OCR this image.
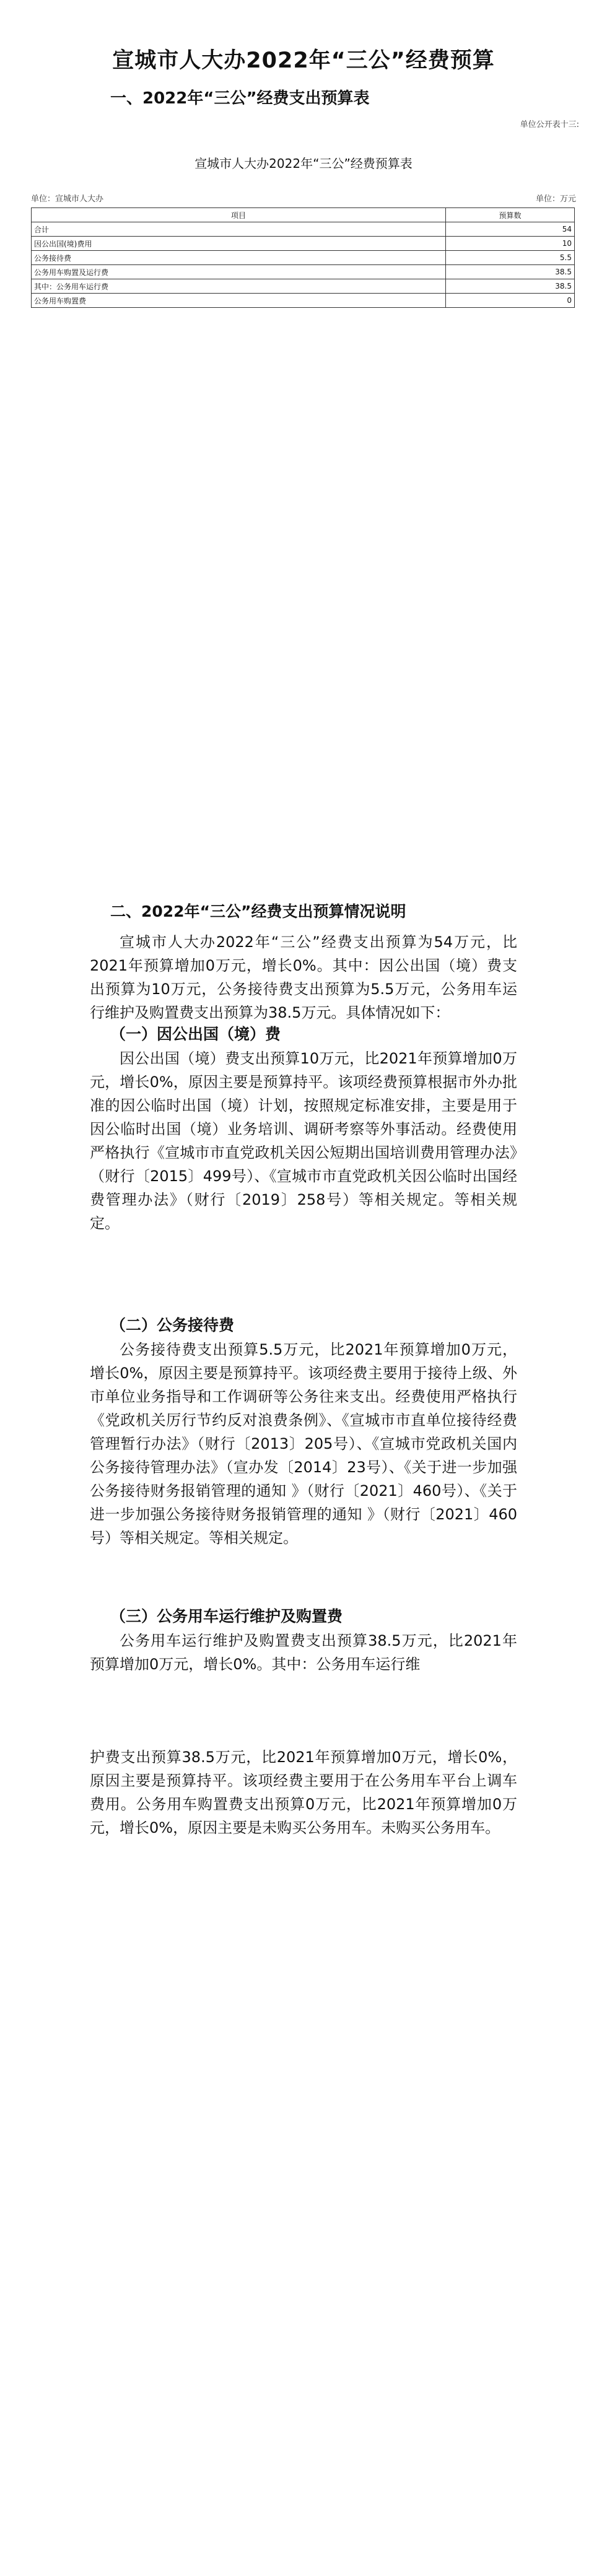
宣城市人大办2022年“三公”经费预算
一、2022年“三公”经费支出预算表
单位公开表十三:
宣城市人大办2022年“三公”经费预算表
单位：宣城市人大办	单位：万元
项目	预算数
合计	54
因公出国(境)费用	10
公务接待费	5.5
公务用车购置及运行费	38.5
其中：公务用车运行费	38.5
公务用车购置费	0
二、2022年“三公”经费支出预算情况说明
宣城市人大办2022年“三公”经费支出预算为54万元，比2021年预算增加0万元，增长0%。其中：因公出国（境）费支出预算为10万元，公务接待费支出预算为5.5万元，公务用车运行维护及购置费支出预算为38.5万元。具体情况如下：
（一）因公出国（境）费
因公出国（境）费支出预算10万元，比2021年预算增加0万元，增长0%，原因主要是预算持平。该项经费预算根据市外办批准的因公临时出国（境）计划，按照规定标准安排，主要是用于因公临时出国（境）业务培训、调研考察等外事活动。经费使用严格执行《宣城市市直党政机关因公短期出国培训费用管理办法》（财行〔2015〕499号）、《宣城市市直党政机关因公临时出国经费管理办法》（财行〔2019〕258号）等相关规定。等相关规定。
（二）公务接待费
公务接待费支出预算5.5万元，比2021年预算增加0万元，增长0%，原因主要是预算持平。该项经费主要用于接待上级、外市单位业务指导和工作调研等公务往来支出。经费使用严格执行《党政机关厉行节约反对浪费条例》、《宣城市市直单位接待经费管理暂行办法》（财行〔2013〕205号）、《宣城市党政机关国内公务接待管理办法》（宣办发〔2014〕23号）、《关于进一步加强公务接待财务报销管理的通知 》（财行〔2021〕460号）、《关于进一步加强公务接待财务报销管理的通知 》（财行〔2021〕460号）等相关规定。等相关规定。
（三）公务用车运行维护及购置费
公务用车运行维护及购置费支出预算38.5万元，比2021年预算增加0万元，增长0%。其中：公务用车运行维
护费支出预算38.5万元，比2021年预算增加0万元，增长0%，原因主要是预算持平。该项经费主要用于在公务用车平台上调车费用。公务用车购置费支出预算0万元，比2021年预算增加0万元，增长0%，原因主要是未购买公务用车。未购买公务用车。
